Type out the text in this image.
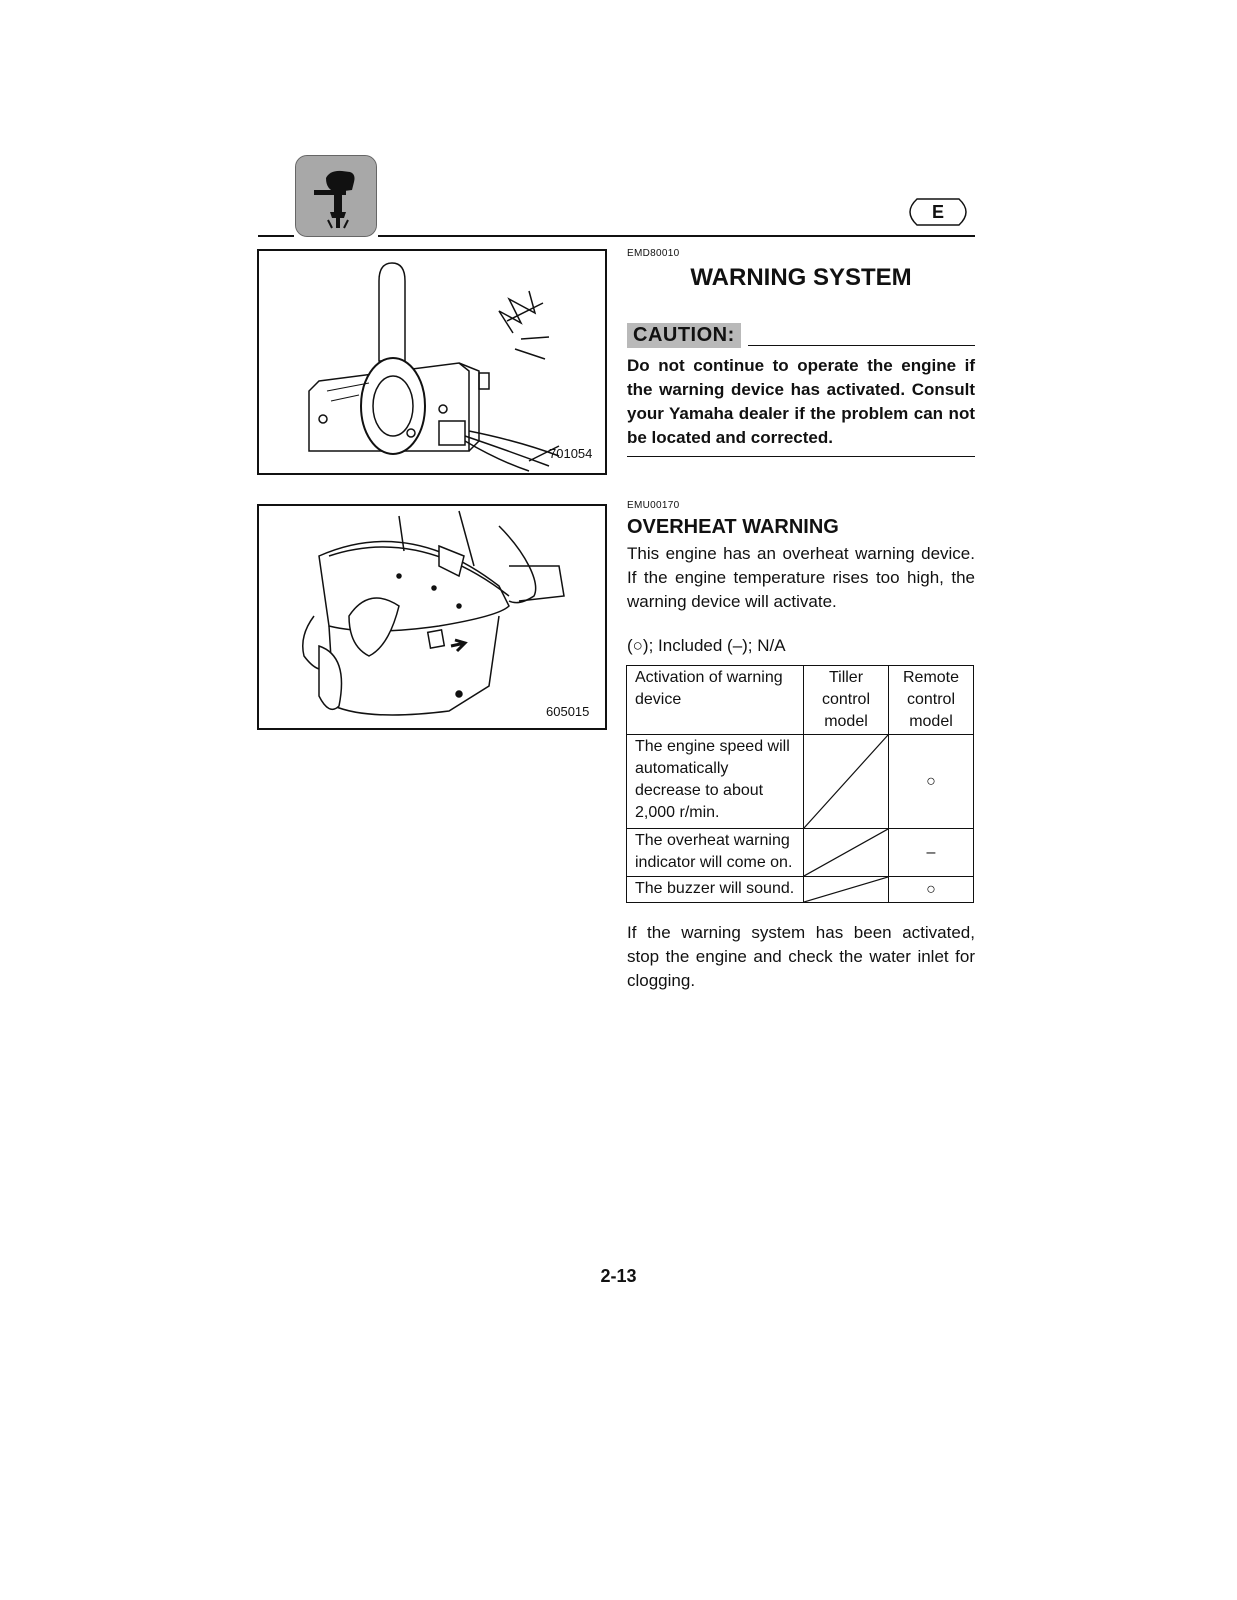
E
701054
605015
EMD80010
WARNING SYSTEM
CAUTION:
Do not continue to operate the engine if the warning device has activated. Consult your Yamaha dealer if the problem can not be located and corrected.
EMU00170
OVERHEAT WARNING
This engine has an overheat warning device. If the engine temperature rises too high, the warning device will activate.
(○); Included (–); N/A
Activation of warning device	Tiller control model	Remote control model
The engine speed will automatically decrease to about 2,000 r/min.		○
The overheat warning indicator will come on.		–
The buzzer will sound.		○
If the warning system has been activated, stop the engine and check the water inlet for clogging.
2-13
